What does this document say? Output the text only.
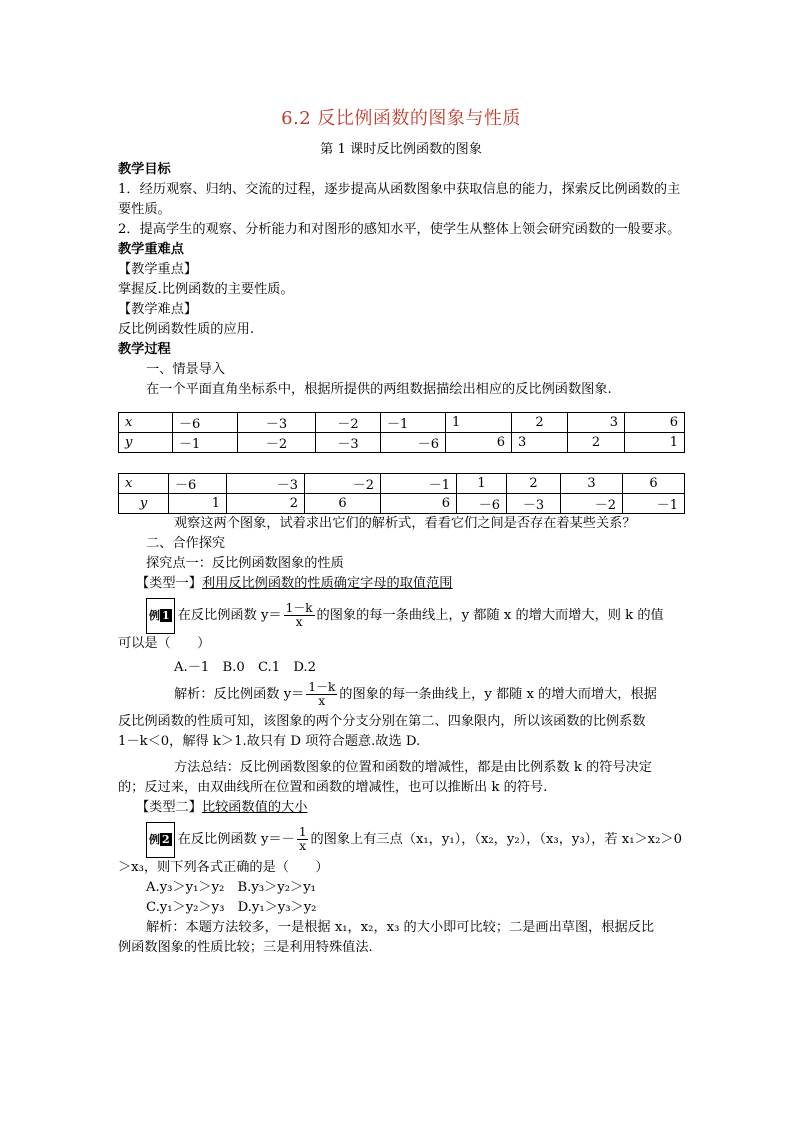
6.2 反比例函数的图象与性质
第 1 课时反比例函数的图象
教学目标
1．经历观察、归纳、交流的过程，逐步提高从函数图象中获取信息的能力，探索反比例函数的主要性质。
2．提高学生的观察、分析能力和对图形的感知水平，使学生从整体上领会研究函数的一般要求。
教学重难点
【教学重点】
掌握反.比例函数的主要性质。
【教学难点】
反比例函数性质的应用.
教学过程
一、情景导入
在一个平面直角坐标系中，根据所提供的两组数据描绘出相应的反比例函数图象.
x	－6	－3	－2	－1	1	2	3	6
y	－1	－2	－3	－6	6	3	2	1
x	－6	－3	－2	－1	1	2	3	6
y	1	2	6	6	－6	－3	－2	－1
观察这两个图象，试着求出它们的解析式，看看它们之间是否存在着某些关系？
二、合作探究
探究点一：反比例函数图象的性质
【类型一】利用反比例函数的性质确定字母的取值范围
例 1 在反比例函数 $y= \frac{1-k}{x}$ 的图象的每一条曲线上，y 都随 x 的增大而增大，则 k 的值
可以是（　　）
A.－1　B.0　C.1　D.2
解析：反比例函数 $y= \frac{1-k}{x}$ 的图象的每一条曲线上，y 都随 x 的增大而增大，根据
反比例函数的性质可知，该图象的两个分支分别在第二、四象限内，所以该函数的比例系数
1－k＜0，解得 k＞1.故只有 D 项符合题意.故选 D.
方法总结：反比例函数图象的位置和函数的增减性，都是由比例系数 k 的符号决定
的；反过来，由双曲线所在位置和函数的增减性，也可以推断出 k 的符号.
【类型二】比较函数值的大小
例 2 在反比例函数 $y=- \frac{1}{x}$ 的图象上有三点（x₁，y₁），（x₂，y₂），（x₃，y₃），若 x₁＞x₂＞0
＞x₃，则下列各式正确的是（　　）
A.y₃＞y₁＞y₂　B.y₃＞y₂＞y₁
C.y₁＞y₂＞y₃　D.y₁＞y₃＞y₂
解析：本题方法较多，一是根据 x₁，x₂，x₃ 的大小即可比较；二是画出草图，根据反比
例函数图象的性质比较；三是利用特殊值法.
